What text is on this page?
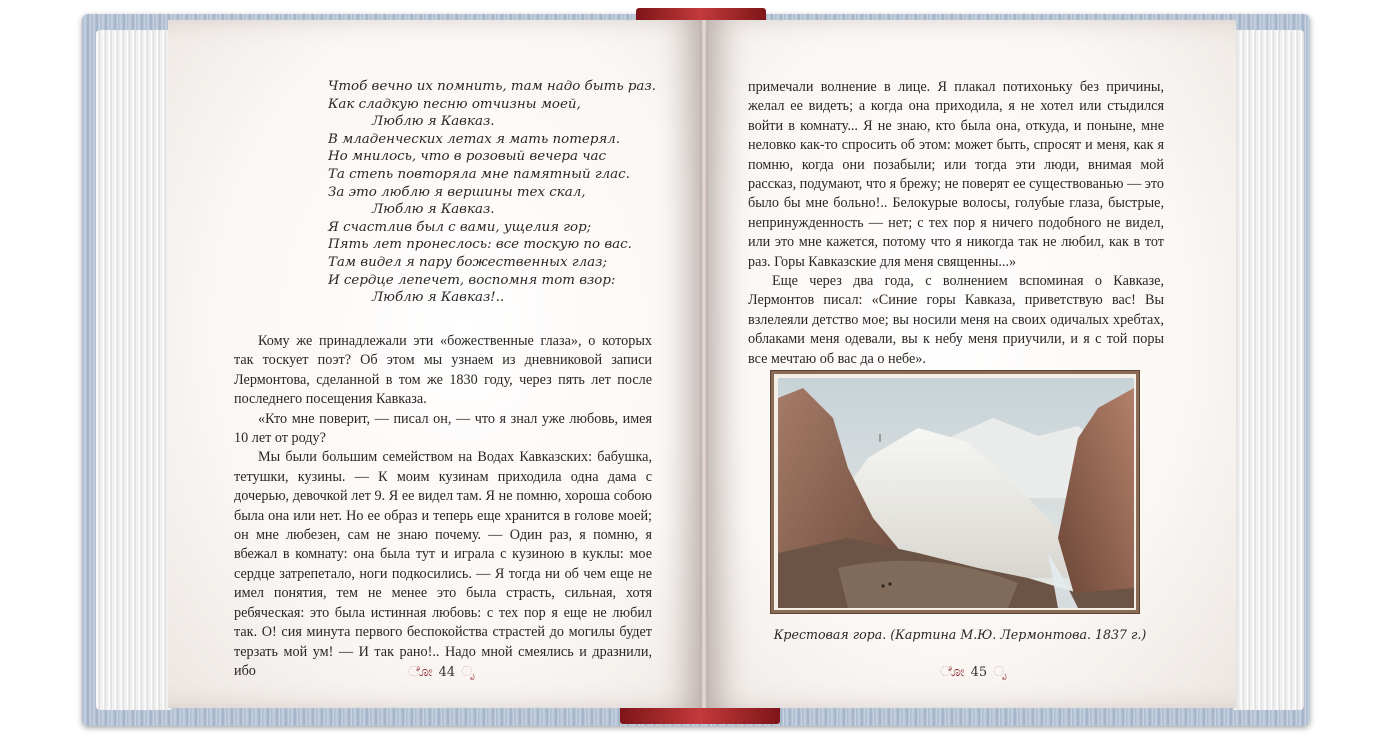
Чтоб вечно их помнить, там надо быть раз.
Как сладкую песню отчизны моей,
Люблю я Кавказ.
В младенческих летах я мать потерял.
Но мнилось, что в розовый вечера час
Та степь повторяла мне памятный глас.
За это люблю я вершины тех скал,
Люблю я Кавказ.
Я счастлив был с вами, ущелия гор;
Пять лет пронеслось: все тоскую по вас.
Там видел я пару божественных глаз;
И сердце лепечет, воспомня тот взор:
Люблю я Кавказ!..

Кому же принадлежали эти «божественные глаза», о которых так тоскует поэт? Об этом мы узнаем из дневниковой записи Лермонтова, сделанной в том же 1830 году, через пять лет после последнего посещения Кавказа.

«Кто мне поверит, — писал он, — что я знал уже любовь, имея 10 лет от роду?

Мы были большим семейством на Водах Кавказских: бабушка, тетушки, кузины. — К моим кузинам приходила одна дама с дочерью, девочкой лет 9. Я ее видел там. Я не помню, хороша собою была она или нет. Но ее образ и теперь еще хранится в голове моей; он мне любезен, сам не знаю почему. — Один раз, я помню, я вбежал в комнату: она была тут и играла с кузиною в куклы: мое сердце затрепетало, ноги подкосились. — Я тогда ни об чем еще не имел понятия, тем не менее это была страсть, сильная, хотя ребяческая: это была истинная любовь: с тех пор я еще не любил так. О! сия минута первого беспокойства страстей до могилы будет терзать мой ум! — И так рано!.. Надо мной смеялись и дразнили, ибо	ೋ 44 ೃ

примечали волнение в лице. Я плакал потихоньку без причины, желал ее видеть; а когда она приходила, я не хотел или стыдился войти в комнату... Я не знаю, кто была она, откуда, и поныне, мне неловко как-то спросить об этом: может быть, спросят и меня, как я помню, когда они позабыли; или тогда эти люди, внимая мой рассказ, подумают, что я брежу; не поверят ее существованью — это было бы мне больно!.. Белокурые волосы, голубые глаза, быстрые, непринужденность — нет; с тех пор я ничего подобного не видел, или это мне кажется, потому что я никогда так не любил, как в тот раз. Горы Кавказские для меня священны...»

Еще через два года, с волнением вспоминая о Кавказе, Лермонтов писал: «Синие горы Кавказа, приветствую вас! Вы взлелеяли детство мое; вы носили меня на своих одичалых хребтах, облаками меня одевали, вы к небу меня приучили, и я с той поры все мечтаю об вас да о небе».

Крестовая гора. (Картина М.Ю. Лермонтова. 1837 г.)
ೋ 45 ೃ
